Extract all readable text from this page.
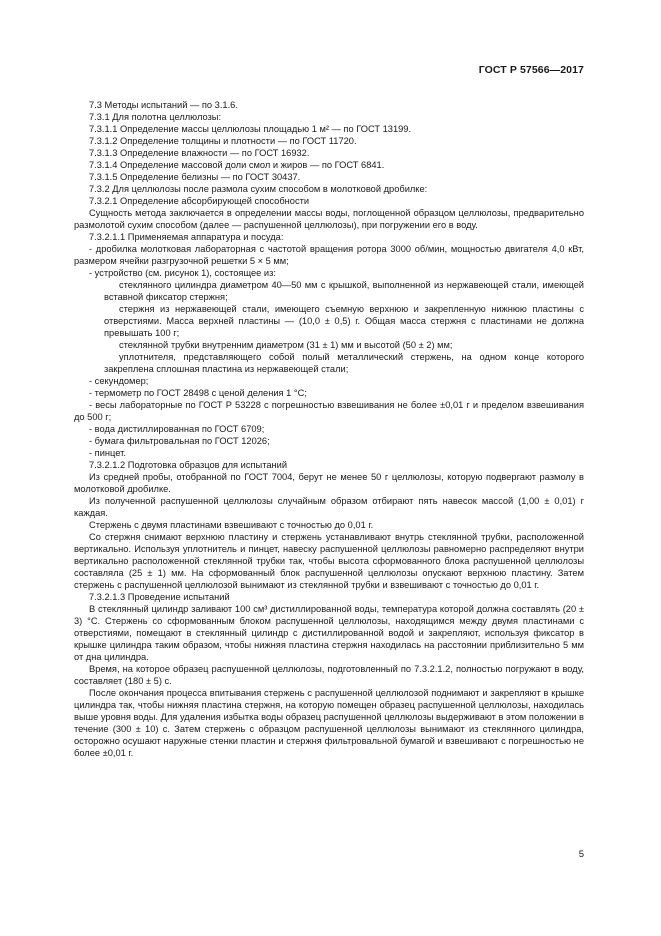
ГОСТ Р 57566—2017

7.3 Методы испытаний — по 3.1.6.

7.3.1 Для полотна целлюлозы:

7.3.1.1 Определение массы целлюлозы площадью 1 м² — по ГОСТ 13199.

7.3.1.2 Определение толщины и плотности — по ГОСТ 11720.

7.3.1.3 Определение влажности — по ГОСТ 16932.

7.3.1.4 Определение массовой доли смол и жиров — по ГОСТ 6841.

7.3.1.5 Определение белизны — по ГОСТ 30437.

7.3.2 Для целлюлозы после размола сухим способом в молотковой дробилке:

7.3.2.1 Определение абсорбирующей способности

Сущность метода заключается в определении массы воды, поглощенной образцом целлюлозы, предварительно размолотой сухим способом (далее — распушенной целлюлозы), при погружении его в воду.

7.3.2.1.1 Применяемая аппаратура и посуда:

- дробилка молотковая лабораторная с частотой вращения ротора 3000 об/мин, мощностью двигателя 4,0 кВт, размером ячейки разгрузочной решетки 5 × 5 мм;

- устройство (см. рисунок 1), состоящее из:

стеклянного цилиндра диаметром 40—50 мм с крышкой, выполненной из нержавеющей стали, имеющей вставной фиксатор стержня;

стержня из нержавеющей стали, имеющего съемную верхнюю и закрепленную нижнюю пластины с отверстиями. Масса верхней пластины — (10,0 ± 0,5) г. Общая масса стержня с пластинами не должна превышать 100 г;

стеклянной трубки внутренним диаметром (31 ± 1) мм и высотой (50 ± 2) мм;

уплотнителя, представляющего собой полый металлический стержень, на одном конце которого закреплена сплошная пластина из нержавеющей стали;

- секундомер;

- термометр по ГОСТ 28498 с ценой деления 1 °С;

- весы лабораторные по ГОСТ Р 53228 с погрешностью взвешивания не более ±0,01 г и пределом взвешивания до 500 г;

- вода дистиллированная по ГОСТ 6709;

- бумага фильтровальная по ГОСТ 12026;

- пинцет.

7.3.2.1.2 Подготовка образцов для испытаний

Из средней пробы, отобранной по ГОСТ 7004, берут не менее 50 г целлюлозы, которую подвергают размолу в молотковой дробилке.

Из полученной распушенной целлюлозы случайным образом отбирают пять навесок массой (1,00 ± 0,01) г каждая.

Стержень с двумя пластинами взвешивают с точностью до 0,01 г.

Со стержня снимают верхнюю пластину и стержень устанавливают внутрь стеклянной трубки, расположенной вертикально. Используя уплотнитель и пинцет, навеску распушенной целлюлозы равномерно распределяют внутри вертикально расположенной стеклянной трубки так, чтобы высота сформованного блока распушенной целлюлозы составляла (25 ± 1) мм. На сформованный блок распушенной целлюлозы опускают верхнюю пластину. Затем стержень с распушенной целлюлозой вынимают из стеклянной трубки и взвешивают с точностью до 0,01 г.

7.3.2.1.3 Проведение испытаний

В стеклянный цилиндр заливают 100 см³ дистиллированной воды, температура которой должна составлять (20 ± 3) °С. Стержень со сформованным блоком распушенной целлюлозы, находящимся между двумя пластинами с отверстиями, помещают в стеклянный цилиндр с дистиллированной водой и закрепляют, используя фиксатор в крышке цилиндра таким образом, чтобы нижняя пластина стержня находилась на расстоянии приблизительно 5 мм от дна цилиндра.

Время, на которое образец распушенной целлюлозы, подготовленный по 7.3.2.1.2, полностью погружают в воду, составляет (180 ± 5) с.

После окончания процесса впитывания стержень с распушенной целлюлозой поднимают и закрепляют в крышке цилиндра так, чтобы нижняя пластина стержня, на которую помещен образец распушенной целлюлозы, находилась выше уровня воды. Для удаления избытка воды образец распушенной целлюлозы выдерживают в этом положении в течение (300 ± 10) с. Затем стержень с образцом распушенной целлюлозы вынимают из стеклянного цилиндра, осторожно осушают наружные стенки пластин и стержня фильтровальной бумагой и взвешивают с погрешностью не более ±0,01 г.

5
